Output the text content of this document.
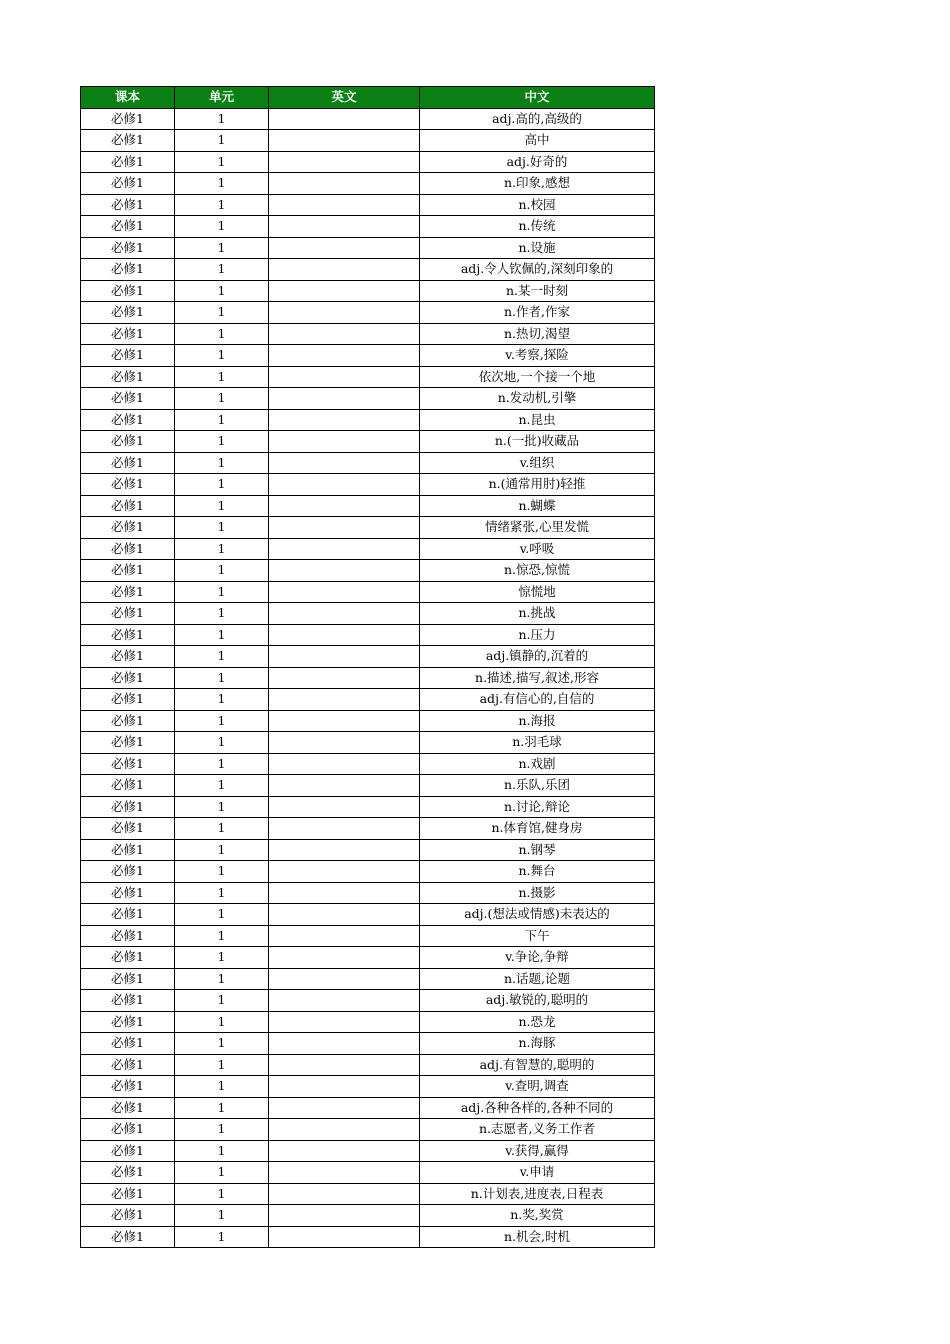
课本	单元	英文	中文
必修1	1		adj.高的,高级的
必修1	1		高中
必修1	1		adj.好奇的
必修1	1		n.印象,感想
必修1	1		n.校园
必修1	1		n.传统
必修1	1		n.设施
必修1	1		adj.令人钦佩的,深刻印象的
必修1	1		n.某一时刻
必修1	1		n.作者,作家
必修1	1		n.热切,渴望
必修1	1		v.考察,探险
必修1	1		依次地,一个接一个地
必修1	1		n.发动机,引擎
必修1	1		n.昆虫
必修1	1		n.(一批)收藏品
必修1	1		v.组织
必修1	1		n.(通常用肘)轻推
必修1	1		n.蝴蝶
必修1	1		情绪紧张,心里发慌
必修1	1		v.呼吸
必修1	1		n.惊恐,惊慌
必修1	1		惊慌地
必修1	1		n.挑战
必修1	1		n.压力
必修1	1		adj.镇静的,沉着的
必修1	1		n.描述,描写,叙述,形容
必修1	1		adj.有信心的,自信的
必修1	1		n.海报
必修1	1		n.羽毛球
必修1	1		n.戏剧
必修1	1		n.乐队,乐团
必修1	1		n.讨论,辩论
必修1	1		n.体育馆,健身房
必修1	1		n.钢琴
必修1	1		n.舞台
必修1	1		n.摄影
必修1	1		adj.(想法或情感)未表达的
必修1	1		下午
必修1	1		v.争论,争辩
必修1	1		n.话题,论题
必修1	1		adj.敏锐的,聪明的
必修1	1		n.恐龙
必修1	1		n.海豚
必修1	1		adj.有智慧的,聪明的
必修1	1		v.查明,调查
必修1	1		adj.各种各样的,各种不同的
必修1	1		n.志愿者,义务工作者
必修1	1		v.获得,赢得
必修1	1		v.申请
必修1	1		n.计划表,进度表,日程表
必修1	1		n.奖,奖赏
必修1	1		n.机会,时机
